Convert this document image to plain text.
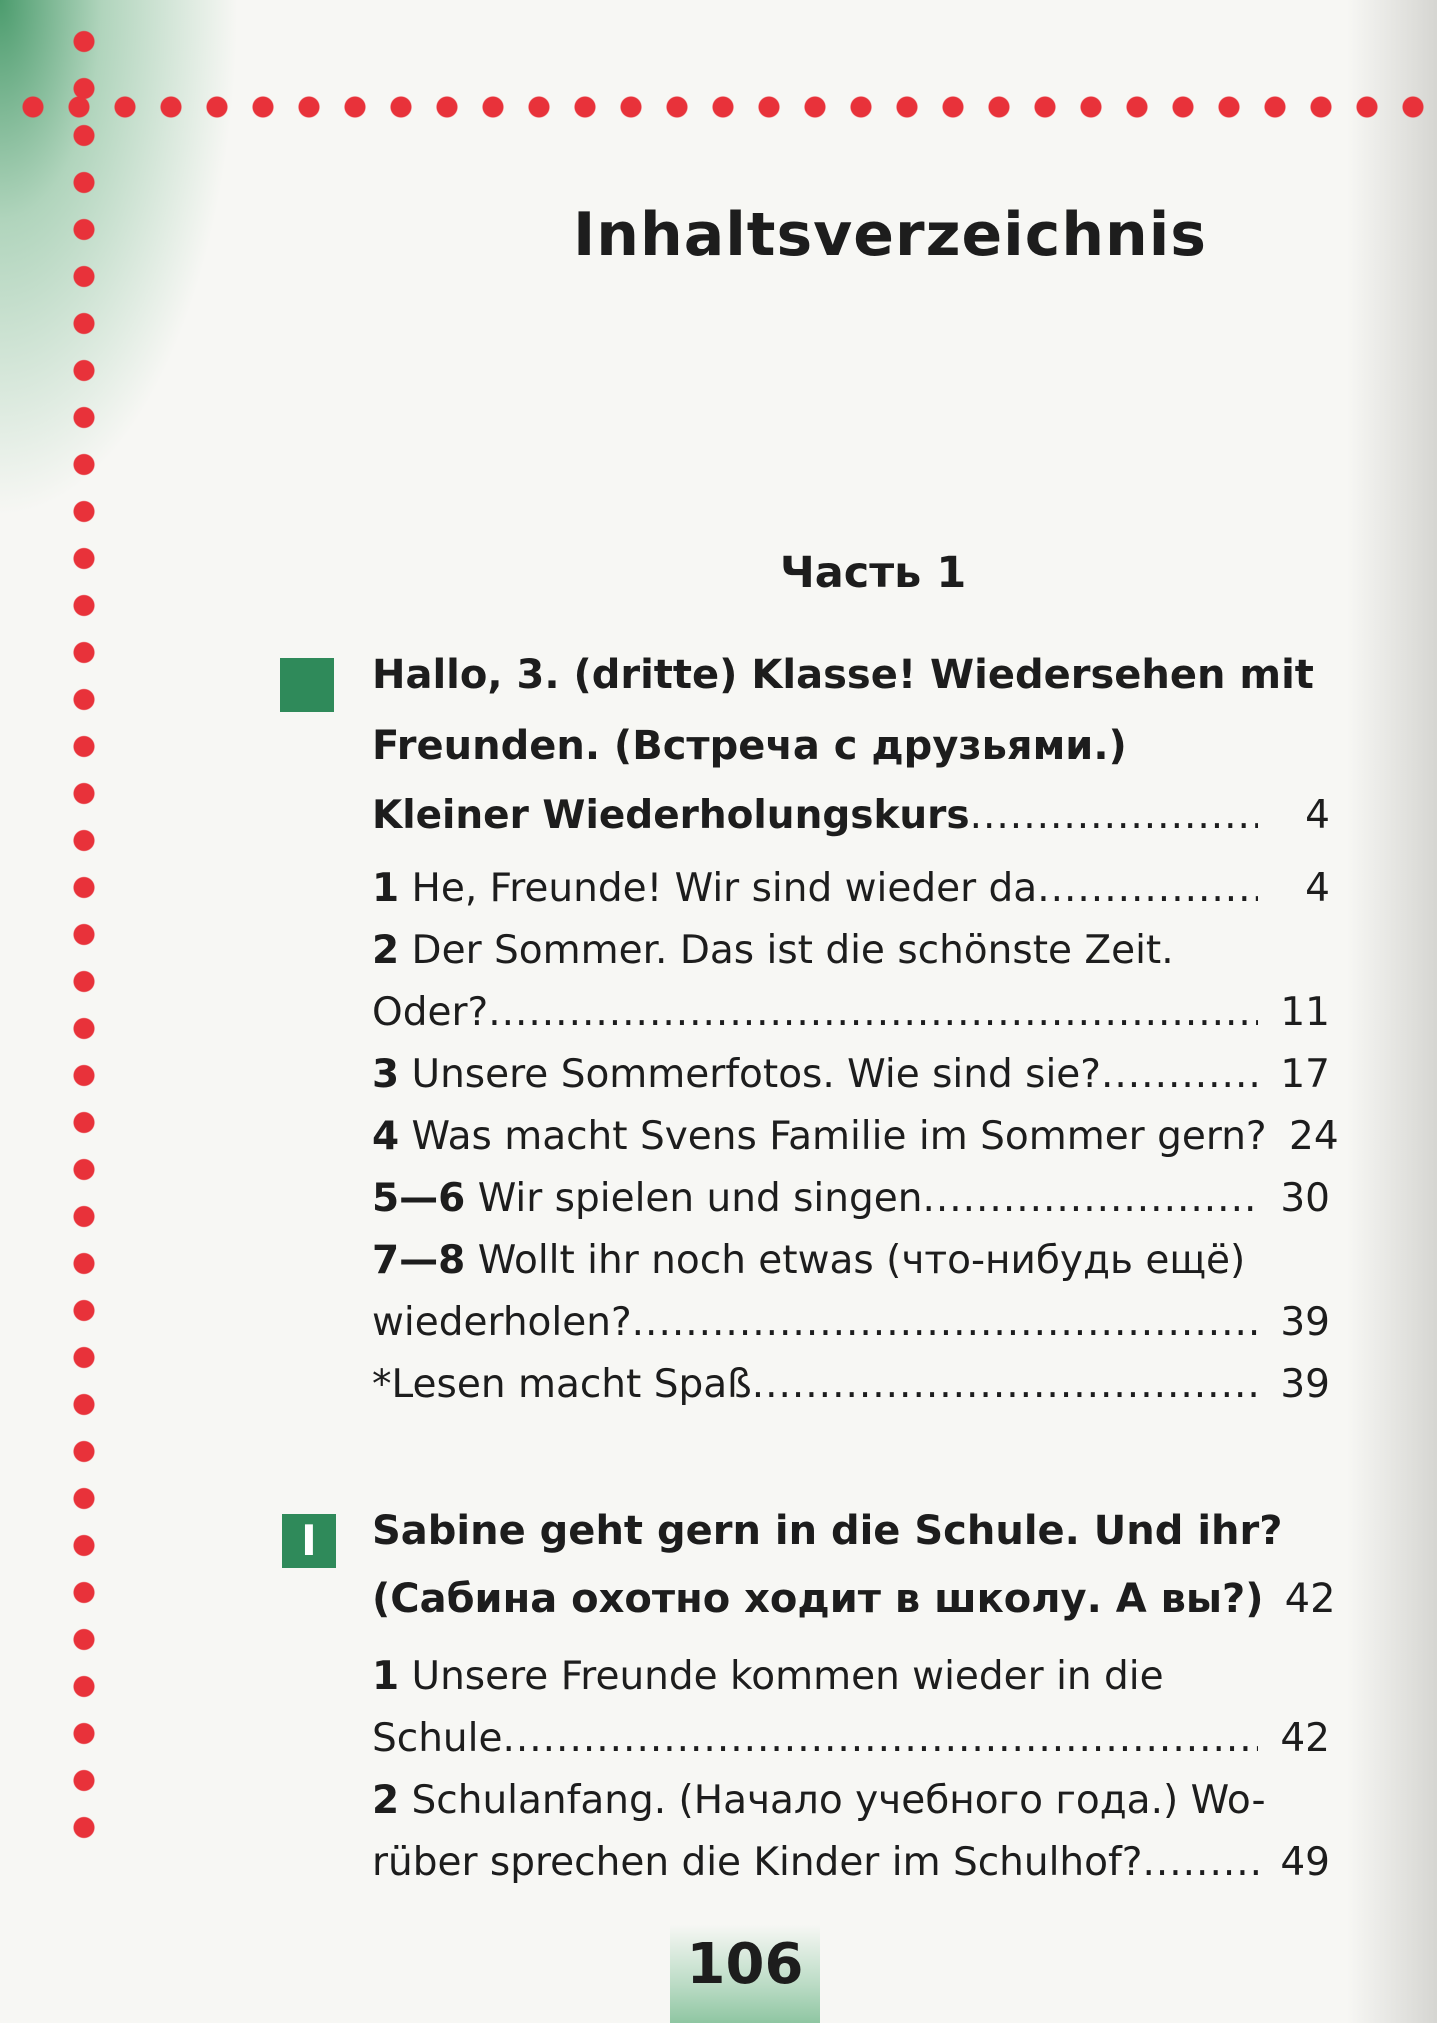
Inhaltsverzeichnis
Часть 1
Hallo, 3. (dritte) Klasse! Wiedersehen mit
Freunden. (Встреча с друзьями.)
Kleiner Wiederholungskurs .....	4
1 He, Freunde! Wir sind wieder da .....	4
2 Der Sommer. Das ist die schönste Zeit.
Oder? .....	11
3 Unsere Sommerfotos. Wie sind sie? .....	17
4 Was macht Svens Familie im Sommer gern? 24
5—6 Wir spielen und singen .....	30
7—8 Wollt ihr noch etwas (что-нибудь ещё)
wiederholen? .....	39
*Lesen macht Spaß .....	39
I	Sabine geht gern in die Schule. Und ihr?
(Сабина охотно ходит в школу. А вы?) 42
1 Unsere Freunde kommen wieder in die
Schule .....	42
2 Schulanfang. (Начало учебного года.) Wo-
rüber sprechen die Kinder im Schulhof? .....	49
106
